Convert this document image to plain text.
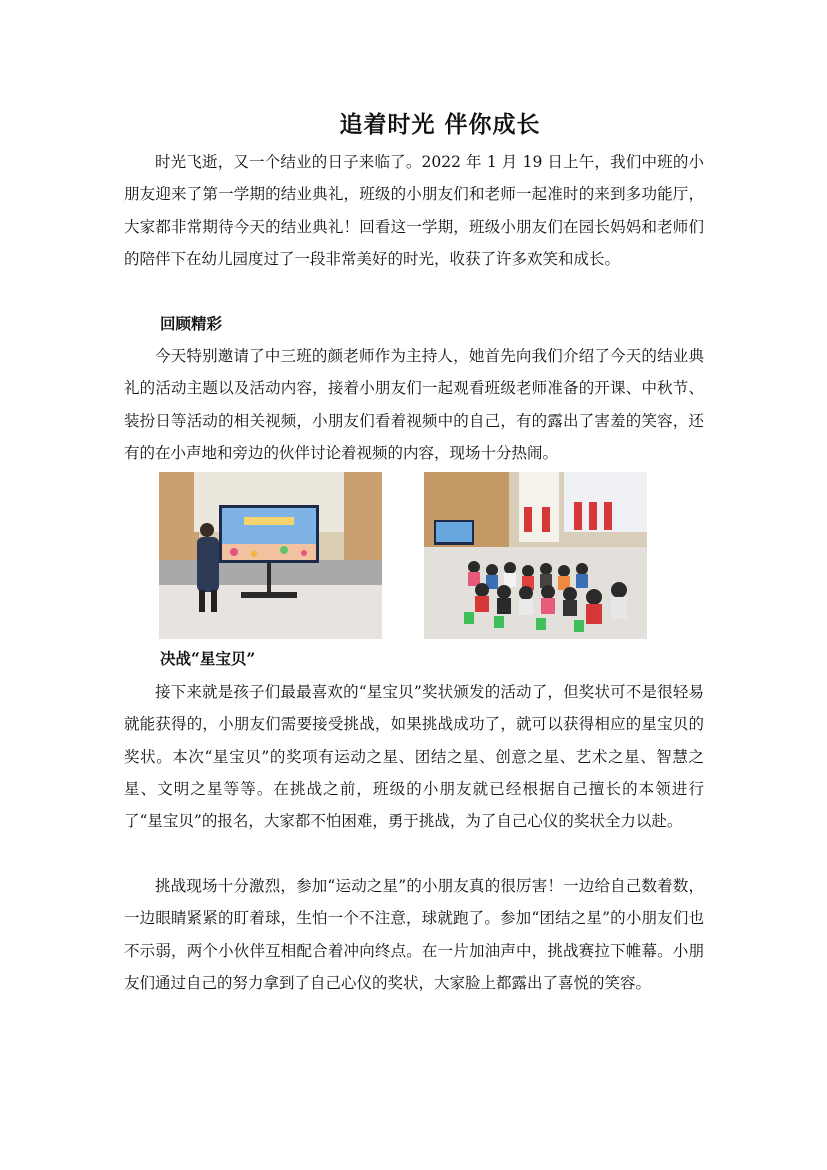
追着时光 伴你成长

时光飞逝，又一个结业的日子来临了。2022 年 1 月 19 日上午，我们中班的小朋友迎来了第一学期的结业典礼，班级的小朋友们和老师一起准时的来到多功能厅，大家都非常期待今天的结业典礼！回看这一学期，班级小朋友们在园长妈妈和老师们的陪伴下在幼儿园度过了一段非常美好的时光，收获了许多欢笑和成长。

回顾精彩

今天特别邀请了中三班的颜老师作为主持人，她首先向我们介绍了今天的结业典礼的活动主题以及活动内容，接着小朋友们一起观看班级老师准备的开课、中秋节、装扮日等活动的相关视频，小朋友们看着视频中的自己，有的露出了害羞的笑容，还有的在小声地和旁边的伙伴讨论着视频的内容，现场十分热闹。

决战“星宝贝”

接下来就是孩子们最最喜欢的“星宝贝”奖状颁发的活动了，但奖状可不是很轻易就能获得的，小朋友们需要接受挑战，如果挑战成功了，就可以获得相应的星宝贝的奖状。本次“星宝贝”的奖项有运动之星、团结之星、创意之星、艺术之星、智慧之星、文明之星等等。在挑战之前，班级的小朋友就已经根据自己擅长的本领进行了“星宝贝”的报名，大家都不怕困难，勇于挑战，为了自己心仪的奖状全力以赴。

挑战现场十分激烈，参加“运动之星”的小朋友真的很厉害！一边给自己数着数，一边眼睛紧紧的盯着球，生怕一个不注意，球就跑了。参加“团结之星”的小朋友们也不示弱，两个小伙伴互相配合着冲向终点。在一片加油声中，挑战赛拉下帷幕。小朋友们通过自己的努力拿到了自己心仪的奖状，大家脸上都露出了喜悦的笑容。
